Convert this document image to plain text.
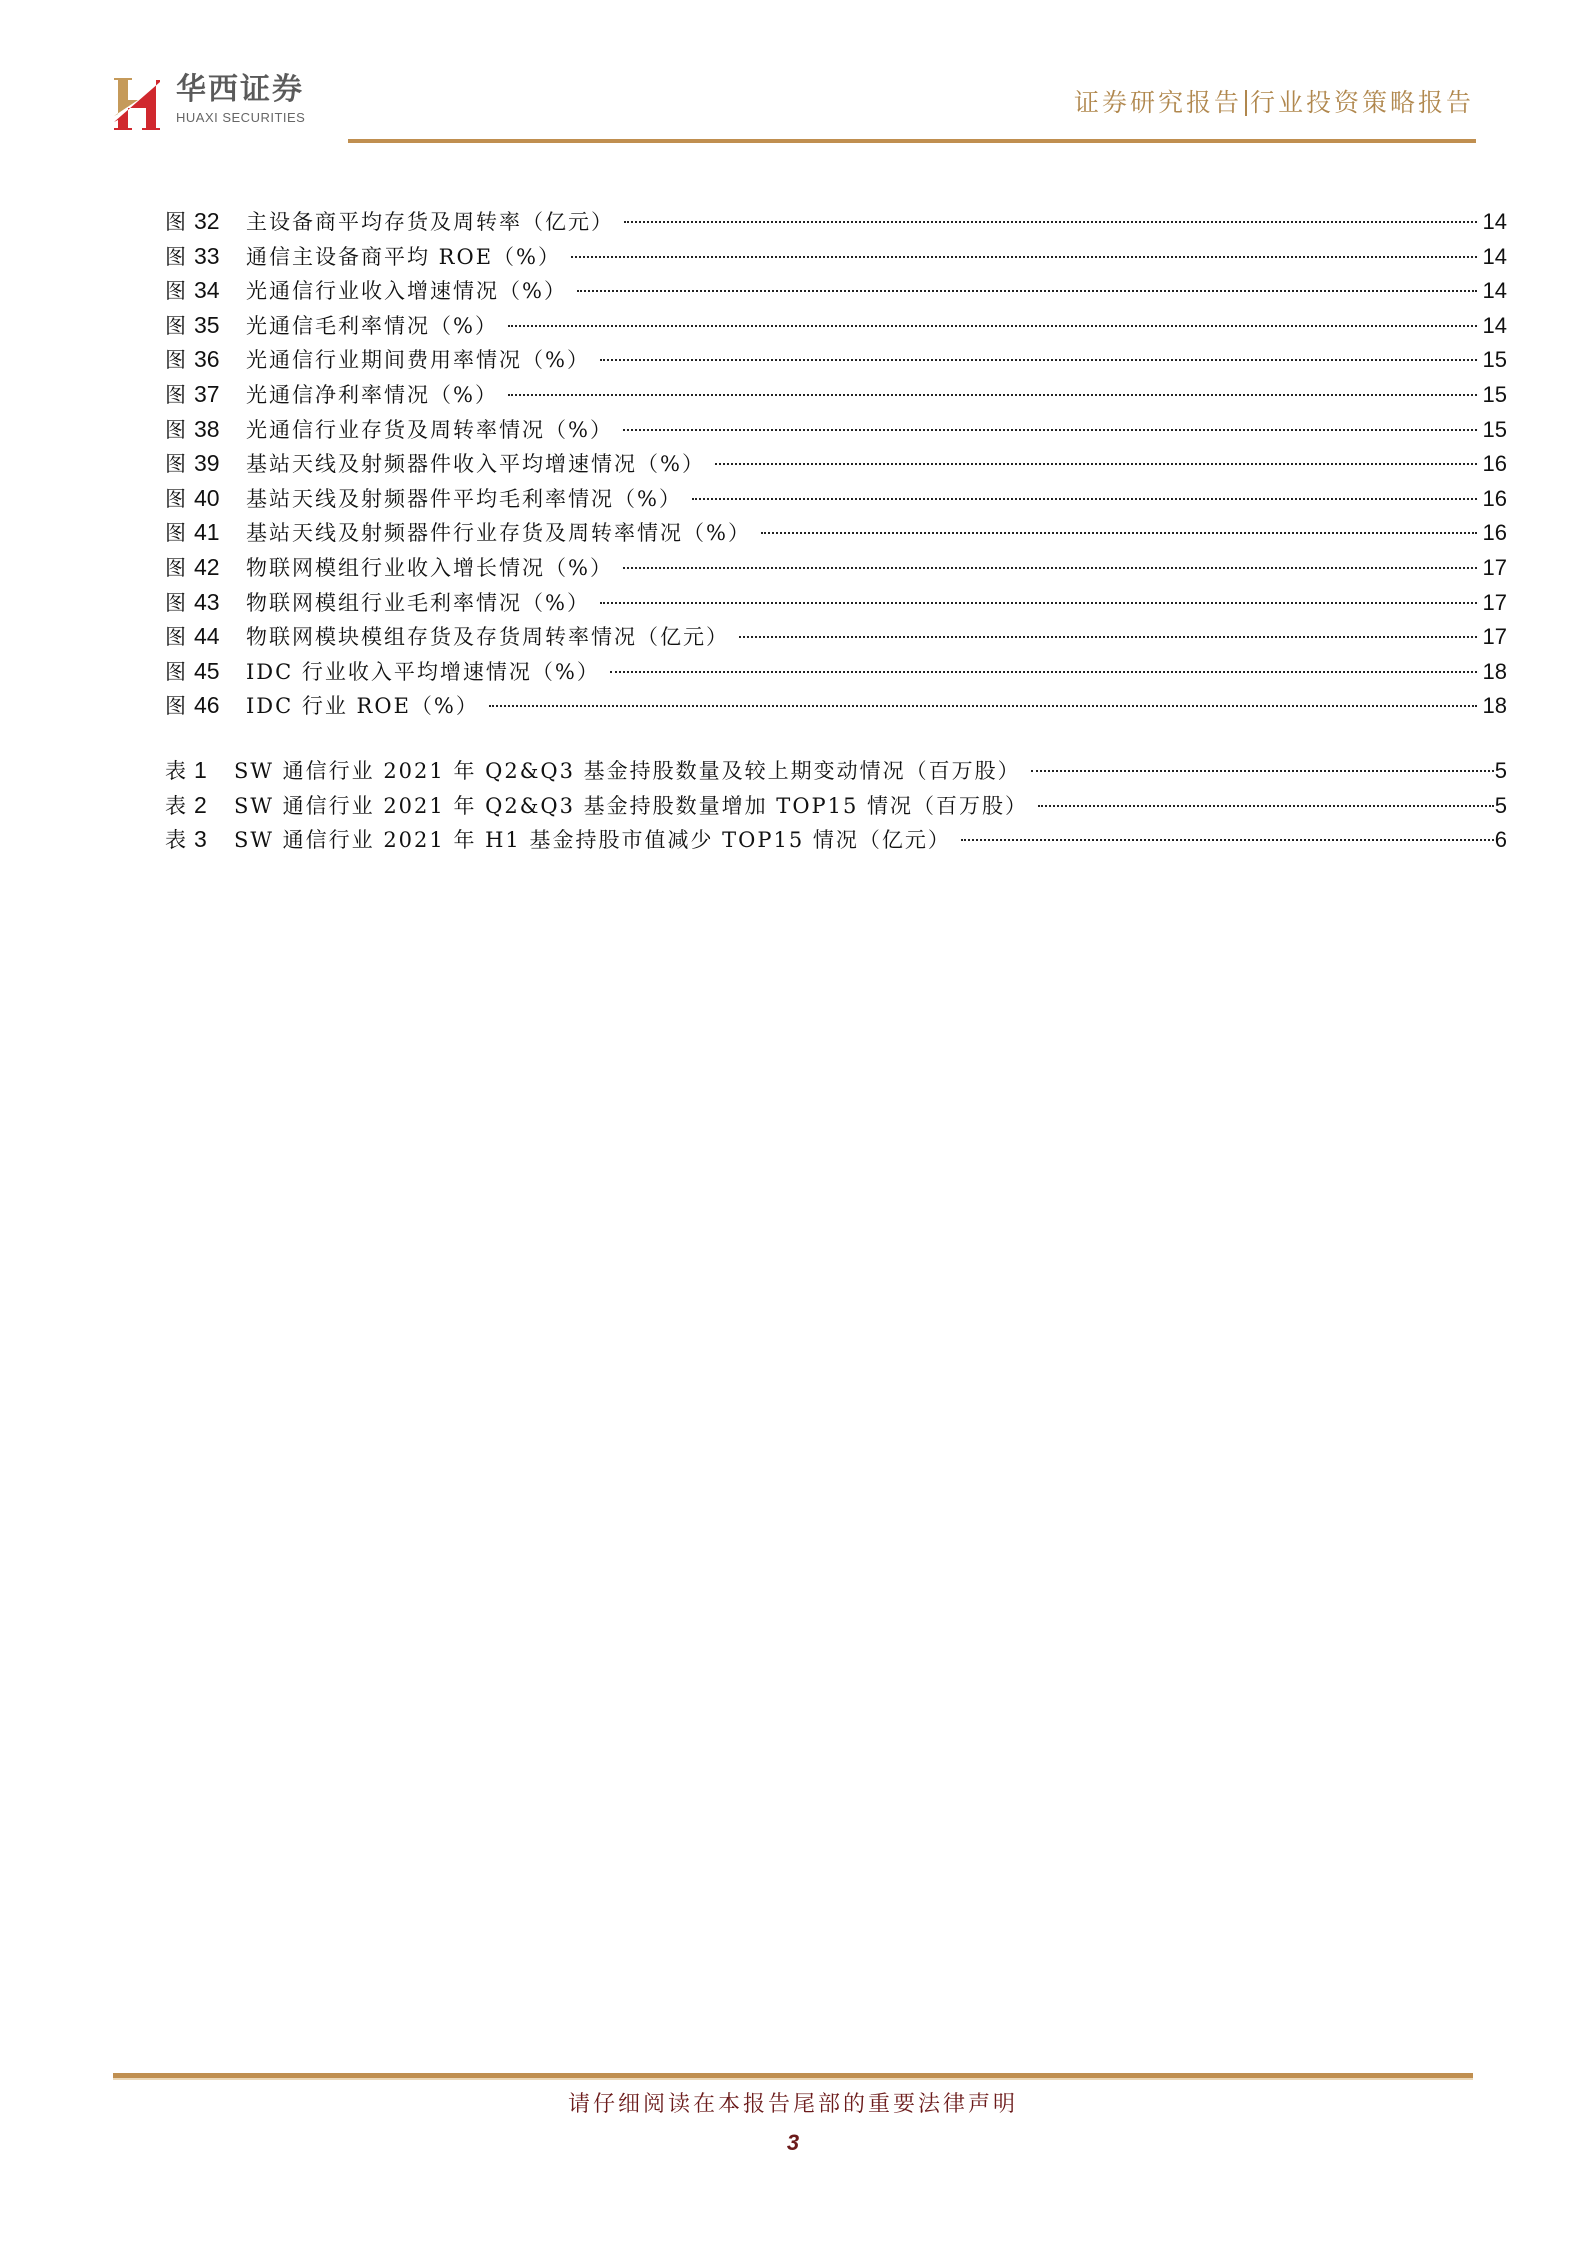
华西证券
HUAXI SECURITIES
证券研究报告 行业投资策略报告
图 32	主设备商平均存货及周转率（亿元）	14
图 33	通信主设备商平均 ROE（%）	14
图 34	光通信行业收入增速情况（%）	14
图 35	光通信毛利率情况（%）	14
图 36	光通信行业期间费用率情况（%）	15
图 37	光通信净利率情况（%）	15
图 38	光通信行业存货及周转率情况（%）	15
图 39	基站天线及射频器件收入平均增速情况（%）	16
图 40	基站天线及射频器件平均毛利率情况（%）	16
图 41	基站天线及射频器件行业存货及周转率情况（%）	16
图 42	物联网模组行业收入增长情况（%）	17
图 43	物联网模组行业毛利率情况（%）	17
图 44	物联网模块模组存货及存货周转率情况（亿元）	17
图 45	IDC 行业收入平均增速情况（%）	18
图 46	IDC 行业 ROE（%）	18
表 1	SW 通信行业 2021 年 Q2&Q3 基金持股数量及较上期变动情况（百万股）	5
表 2	SW 通信行业 2021 年 Q2&Q3 基金持股数量增加 TOP15 情况（百万股）	5
表 3	SW 通信行业 2021 年 H1 基金持股市值减少 TOP15 情况（亿元）	6
请仔细阅读在本报告尾部的重要法律声明
3
